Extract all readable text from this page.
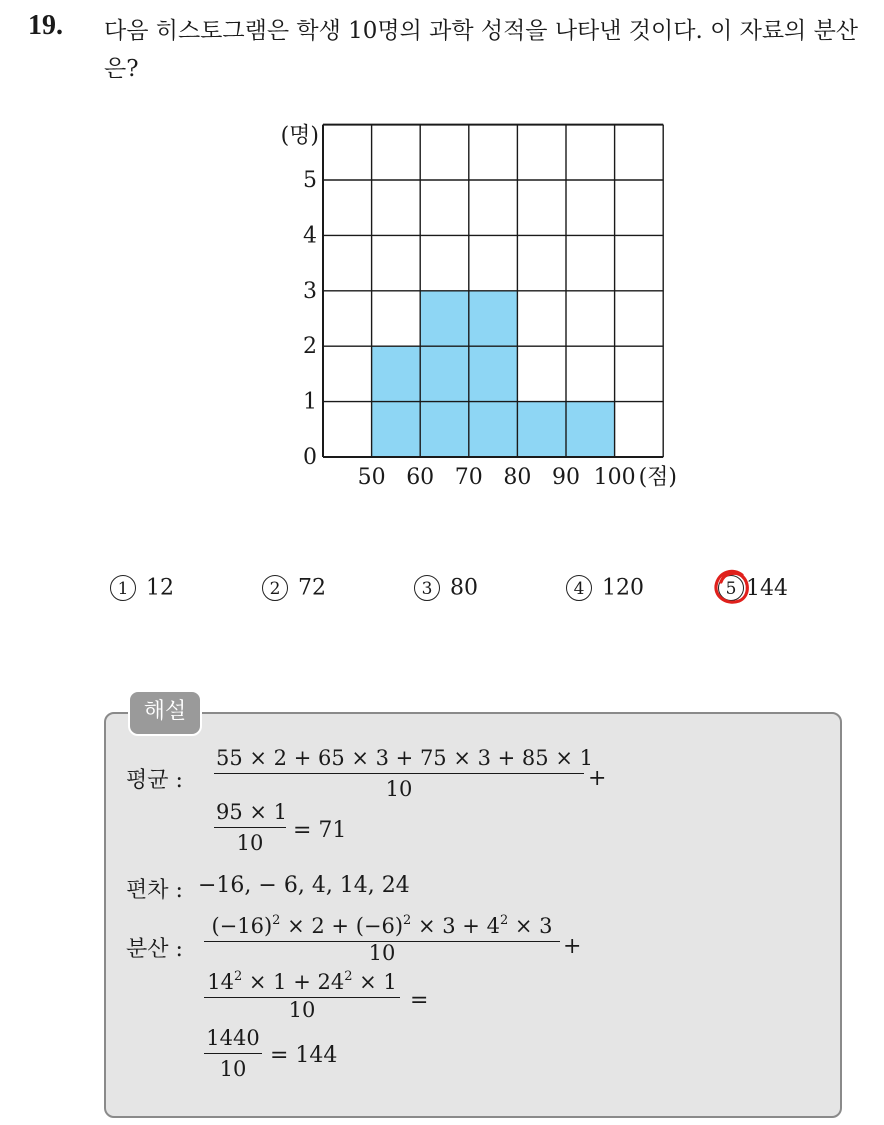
19. 다음 히스토그램은 학생 10명의 과학 성적을 나타낸 것이다. 이 자료의 분산은?
0
1
2
3
4
5
(명)
50 60 70 80 90 100 (점)
1 12	2 72	3 80	4 120	5 144
해설
평균 :
55 × 2 + 65 × 3 + 75 × 3 + 85 × 1
10	+
95 × 1
10	= 71
편차 : −16, − 6, 4, 14, 24
분산 :
$(-16)^2 \times 2 + (-6)^2 \times 3 + 4^2 \times 3$
10	+
$14^2 \times 1 + 24^2 \times 1$
10	=
1440
10
= 144
